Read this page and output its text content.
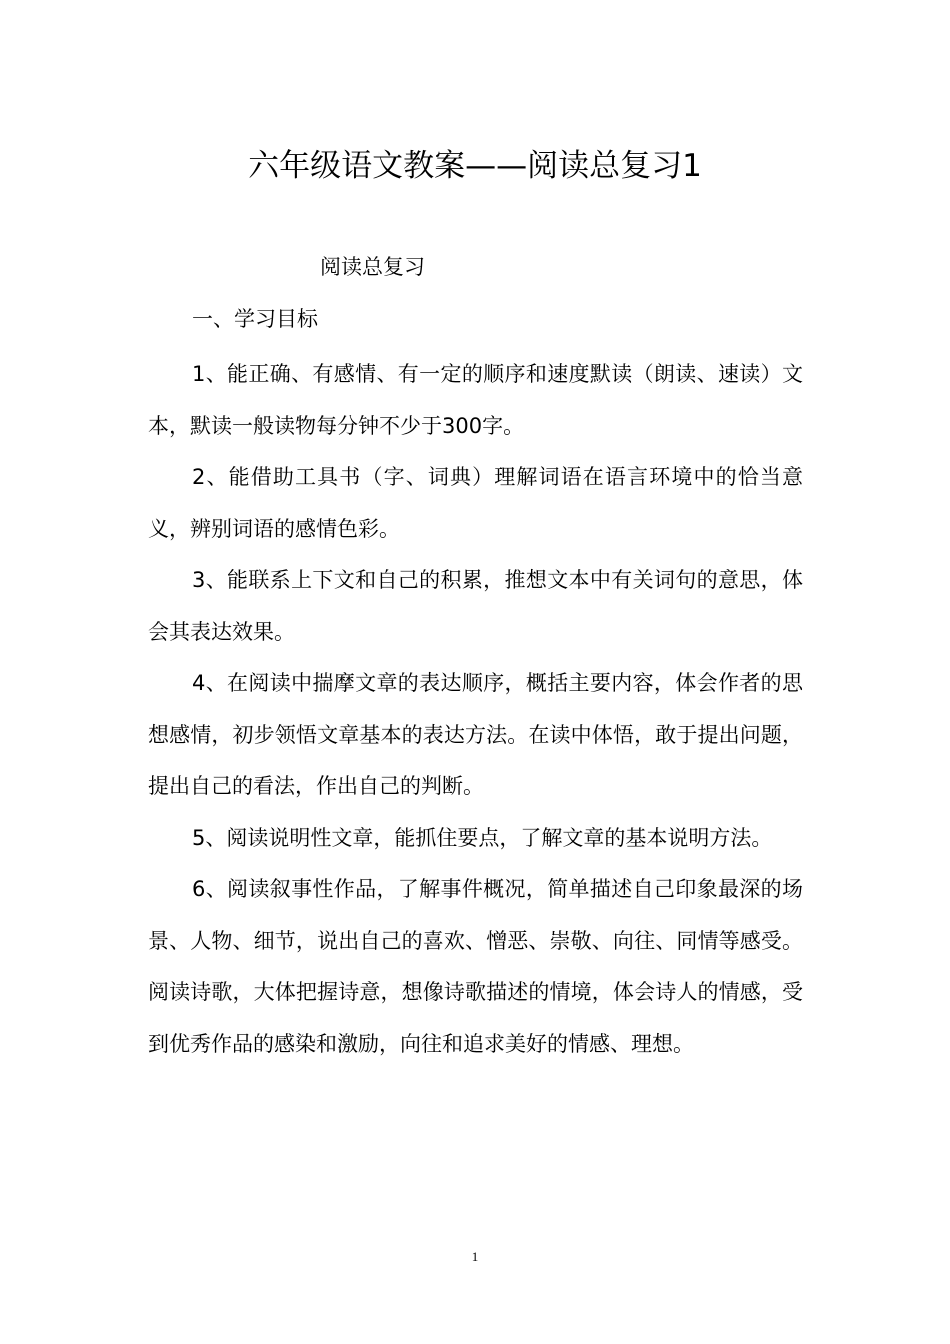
六年级语文教案——阅读总复习1
阅读总复习
一、学习目标
1、能正确、有感情、有一定的顺序和速度默读（朗读、速读）文本，默读一般读物每分钟不少于300字。
2、能借助工具书（字、词典）理解词语在语言环境中的恰当意义，辨别词语的感情色彩。
3、能联系上下文和自己的积累，推想文本中有关词句的意思，体会其表达效果。
4、在阅读中揣摩文章的表达顺序，概括主要内容，体会作者的思想感情，初步领悟文章基本的表达方法。在读中体悟，敢于提出问题，提出自己的看法，作出自己的判断。
5、阅读说明性文章，能抓住要点，了解文章的基本说明方法。
6、阅读叙事性作品，了解事件概况，简单描述自己印象最深的场景、人物、细节，说出自己的喜欢、憎恶、崇敬、向往、同情等感受。阅读诗歌，大体把握诗意，想像诗歌描述的情境，体会诗人的情感，受到优秀作品的感染和激励，向往和追求美好的情感、理想。
1
